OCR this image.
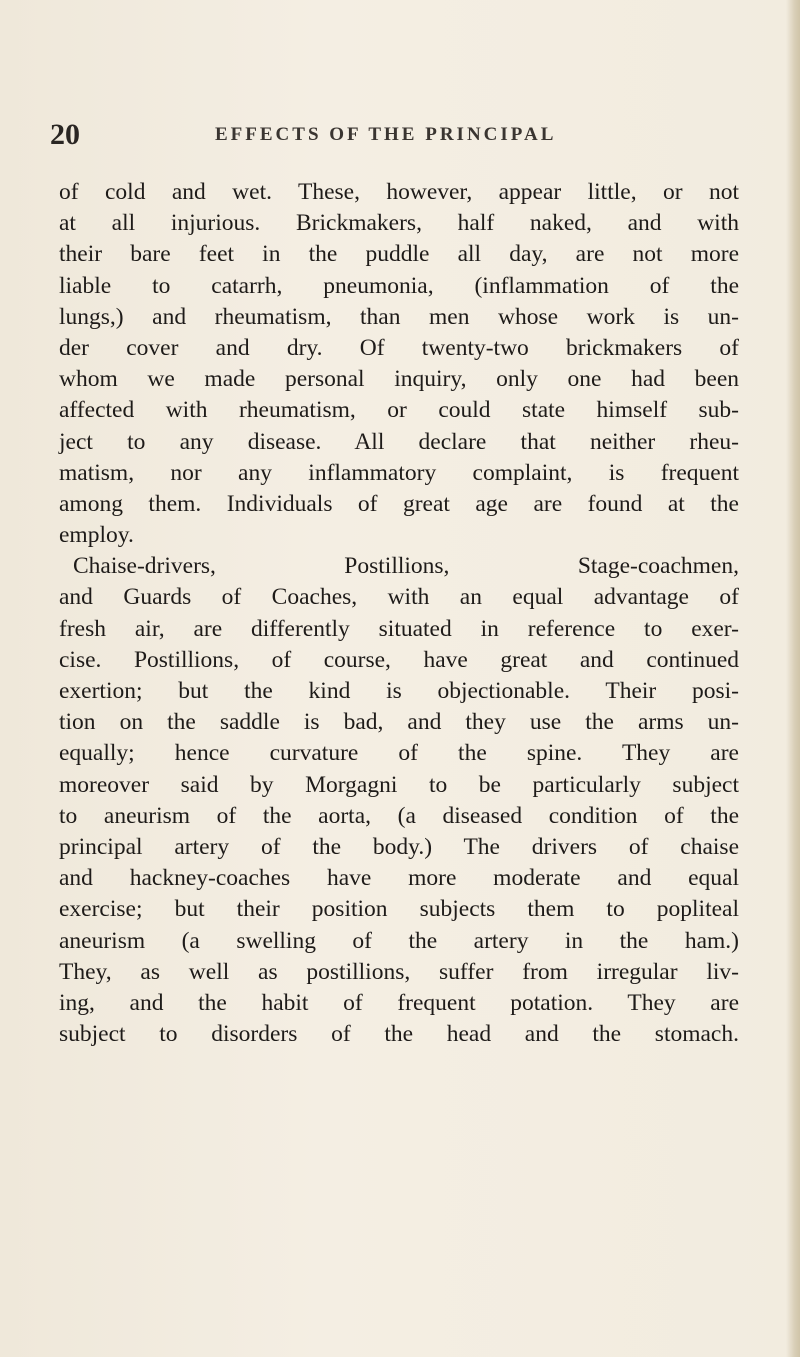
20	EFFECTS OF THE PRINCIPAL
of cold and wet. These, however, appear little, or not
at all injurious. Brickmakers, half naked, and with
their bare feet in the puddle all day, are not more
liable to catarrh, pneumonia, (inflammation of the
lungs,) and rheumatism, than men whose work is un-
der cover and dry. Of twenty-two brickmakers of
whom we made personal inquiry, only one had been
affected with rheumatism, or could state himself sub-
ject to any disease. All declare that neither rheu-
matism, nor any inflammatory complaint, is frequent
among them. Individuals of great age are found at the
employ.
Chaise-drivers, Postillions, Stage-coachmen,
and Guards of Coaches, with an equal advantage of
fresh air, are differently situated in reference to exer-
cise. Postillions, of course, have great and continued
exertion; but the kind is objectionable. Their posi-
tion on the saddle is bad, and they use the arms un-
equally; hence curvature of the spine. They are
moreover said by Morgagni to be particularly subject
to aneurism of the aorta, (a diseased condition of the
principal artery of the body.) The drivers of chaise
and hackney-coaches have more moderate and equal
exercise; but their position subjects them to popliteal
aneurism (a swelling of the artery in the ham.)
They, as well as postillions, suffer from irregular liv-
ing, and the habit of frequent potation. They are
subject to disorders of the head and the stomach.
